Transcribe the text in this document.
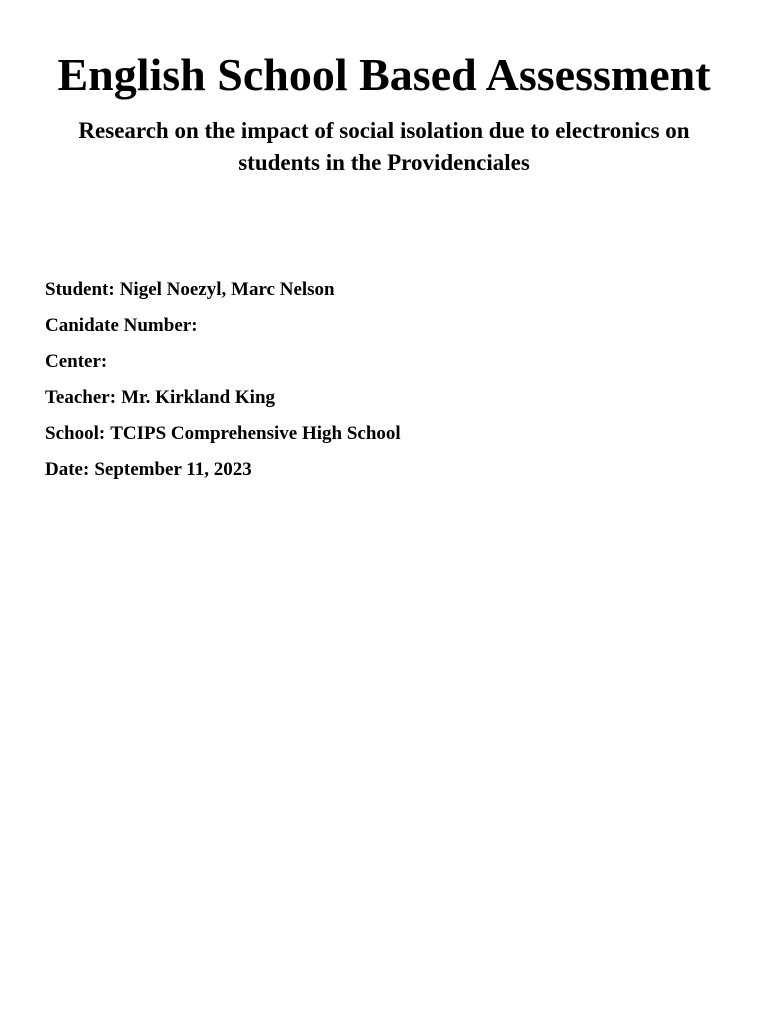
English School Based Assessment
Research on the impact of social isolation due to electronics on students in the Providenciales
Student: Nigel Noezyl, Marc Nelson
Canidate Number:
Center:
Teacher: Mr. Kirkland King
School: TCIPS Comprehensive High School
Date: September 11, 2023
